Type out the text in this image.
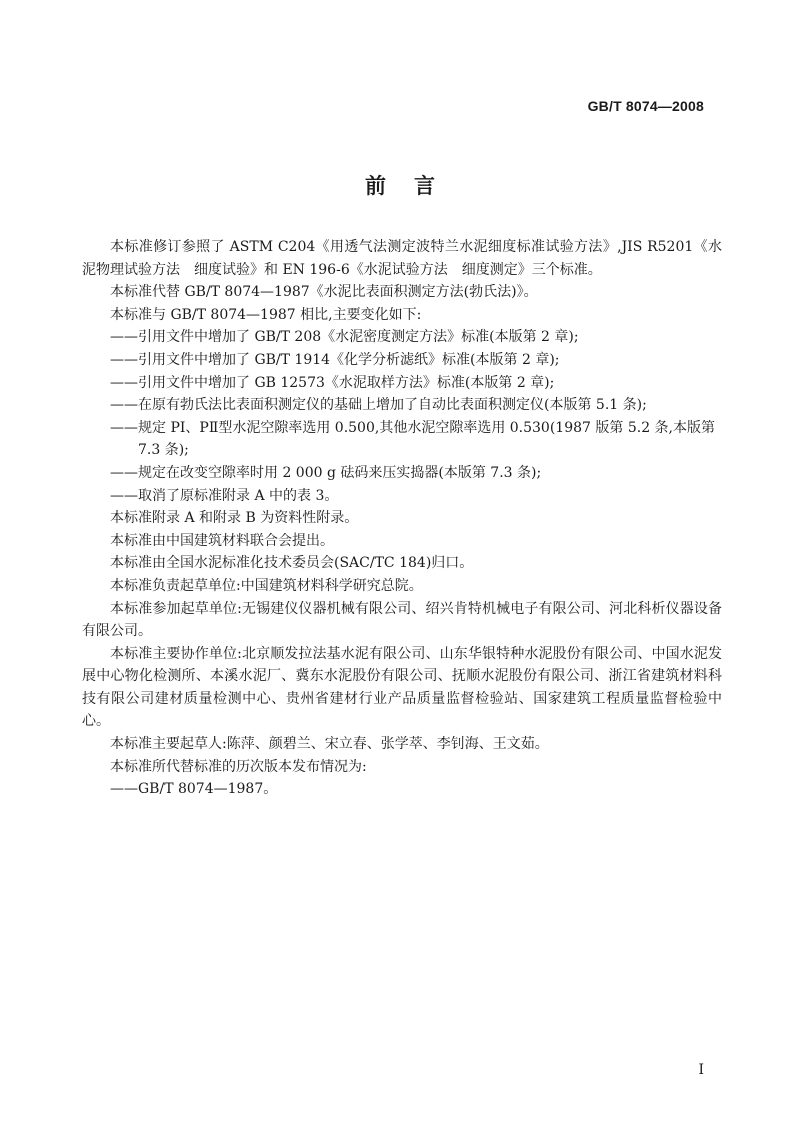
GB/T 8074—2008
前言

本标准修订参照了 ASTM C204《用透气法测定波特兰水泥细度标准试验方法》,JIS R5201《水泥物理试验方法　细度试验》和 EN 196-6《水泥试验方法　细度测定》三个标准。

本标准代替 GB/T 8074—1987《水泥比表面积测定方法(勃氏法)》。

本标准与 GB/T 8074—1987 相比,主要变化如下:

——引用文件中增加了 GB/T 208《水泥密度测定方法》标准(本版第 2 章);

——引用文件中增加了 GB/T 1914《化学分析滤纸》标准(本版第 2 章);

——引用文件中增加了 GB 12573《水泥取样方法》标准(本版第 2 章);

——在原有勃氏法比表面积测定仪的基础上增加了自动比表面积测定仪(本版第 5.1 条);

——规定 PⅠ、PⅡ型水泥空隙率选用 0.500,其他水泥空隙率选用 0.530(1987 版第 5.2 条,本版第 7.3 条);

——规定在改变空隙率时用 2 000 g 砝码来压实捣器(本版第 7.3 条);

——取消了原标准附录 A 中的表 3。

本标准附录 A 和附录 B 为资料性附录。

本标准由中国建筑材料联合会提出。

本标准由全国水泥标准化技术委员会(SAC/TC 184)归口。

本标准负责起草单位:中国建筑材料科学研究总院。

本标准参加起草单位:无锡建仪仪器机械有限公司、绍兴肯特机械电子有限公司、河北科析仪器设备有限公司。

本标准主要协作单位:北京顺发拉法基水泥有限公司、山东华银特种水泥股份有限公司、中国水泥发展中心物化检测所、本溪水泥厂、冀东水泥股份有限公司、抚顺水泥股份有限公司、浙江省建筑材料科技有限公司建材质量检测中心、贵州省建材行业产品质量监督检验站、国家建筑工程质量监督检验中心。

本标准主要起草人:陈萍、颜碧兰、宋立春、张学萃、李钊海、王文茹。

本标准所代替标准的历次版本发布情况为:

——GB/T 8074—1987。

I
